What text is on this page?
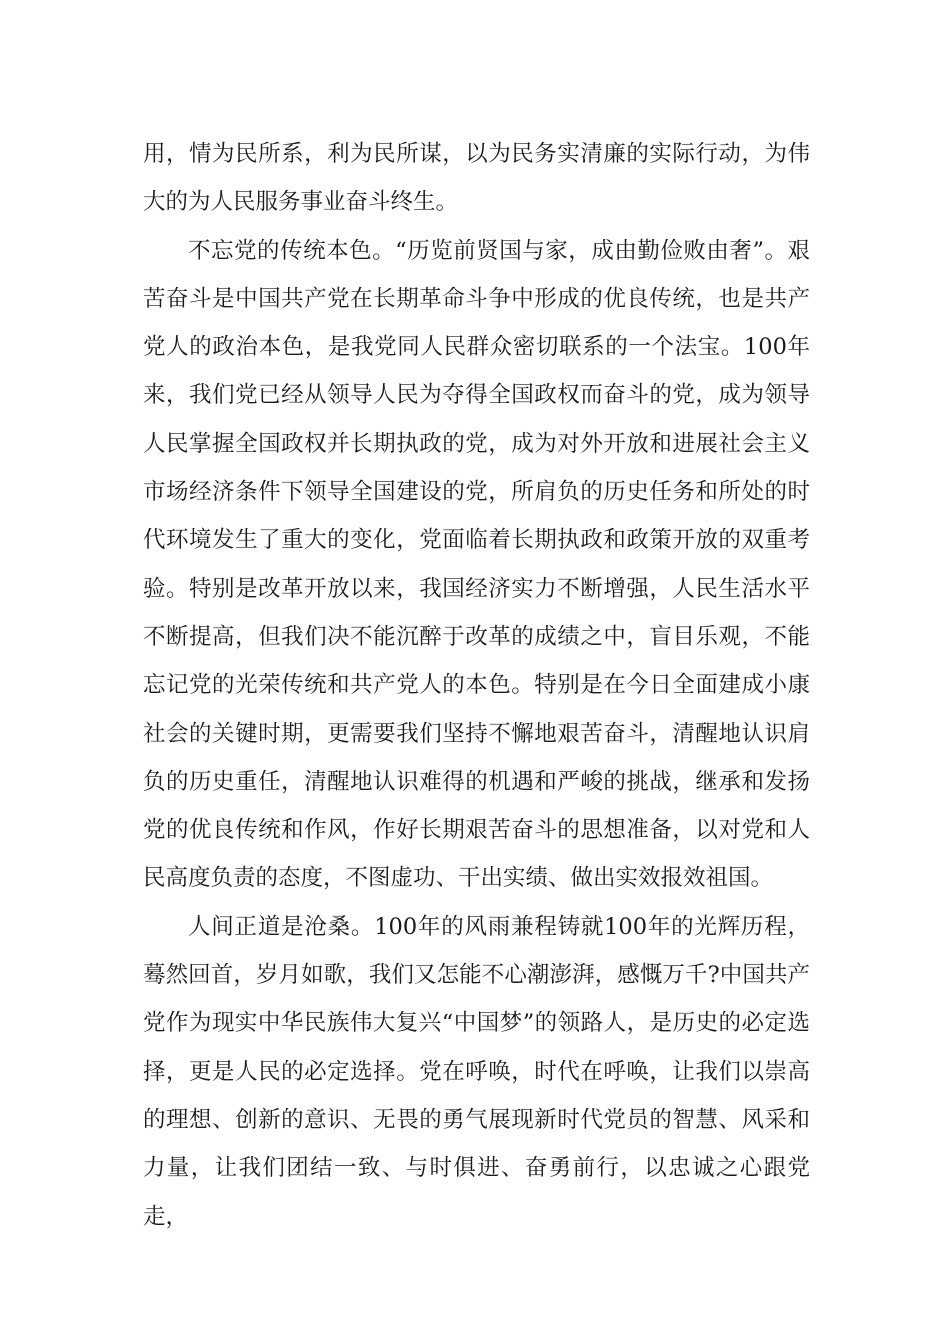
用，情为民所系，利为民所谋，以为民务实清廉的实际行动，为伟大的为人民服务事业奋斗终生。

不忘党的传统本色。“历览前贤国与家，成由勤俭败由奢”。艰苦奋斗是中国共产党在长期革命斗争中形成的优良传统，也是共产党人的政治本色，是我党同人民群众密切联系的一个法宝。100年来，我们党已经从领导人民为夺得全国政权而奋斗的党，成为领导人民掌握全国政权并长期执政的党，成为对外开放和进展社会主义市场经济条件下领导全国建设的党，所肩负的历史任务和所处的时代环境发生了重大的变化，党面临着长期执政和政策开放的双重考验。特别是改革开放以来，我国经济实力不断增强，人民生活水平不断提高，但我们决不能沉醉于改革的成绩之中，盲目乐观，不能忘记党的光荣传统和共产党人的本色。特别是在今日全面建成小康社会的关键时期，更需要我们坚持不懈地艰苦奋斗，清醒地认识肩负的历史重任，清醒地认识难得的机遇和严峻的挑战，继承和发扬党的优良传统和作风，作好长期艰苦奋斗的思想准备，以对党和人民高度负责的态度，不图虚功、干出实绩、做出实效报效祖国。

人间正道是沧桑。100年的风雨兼程铸就100年的光辉历程，蓦然回首，岁月如歌，我们又怎能不心潮澎湃，感慨万千?中国共产党作为现实中华民族伟大复兴“中国梦”的领路人，是历史的必定选择，更是人民的必定选择。党在呼唤，时代在呼唤，让我们以崇高的理想、创新的意识、无畏的勇气展现新时代党员的智慧、风采和力量，让我们团结一致、与时俱进、奋勇前行，以忠诚之心跟党走，
